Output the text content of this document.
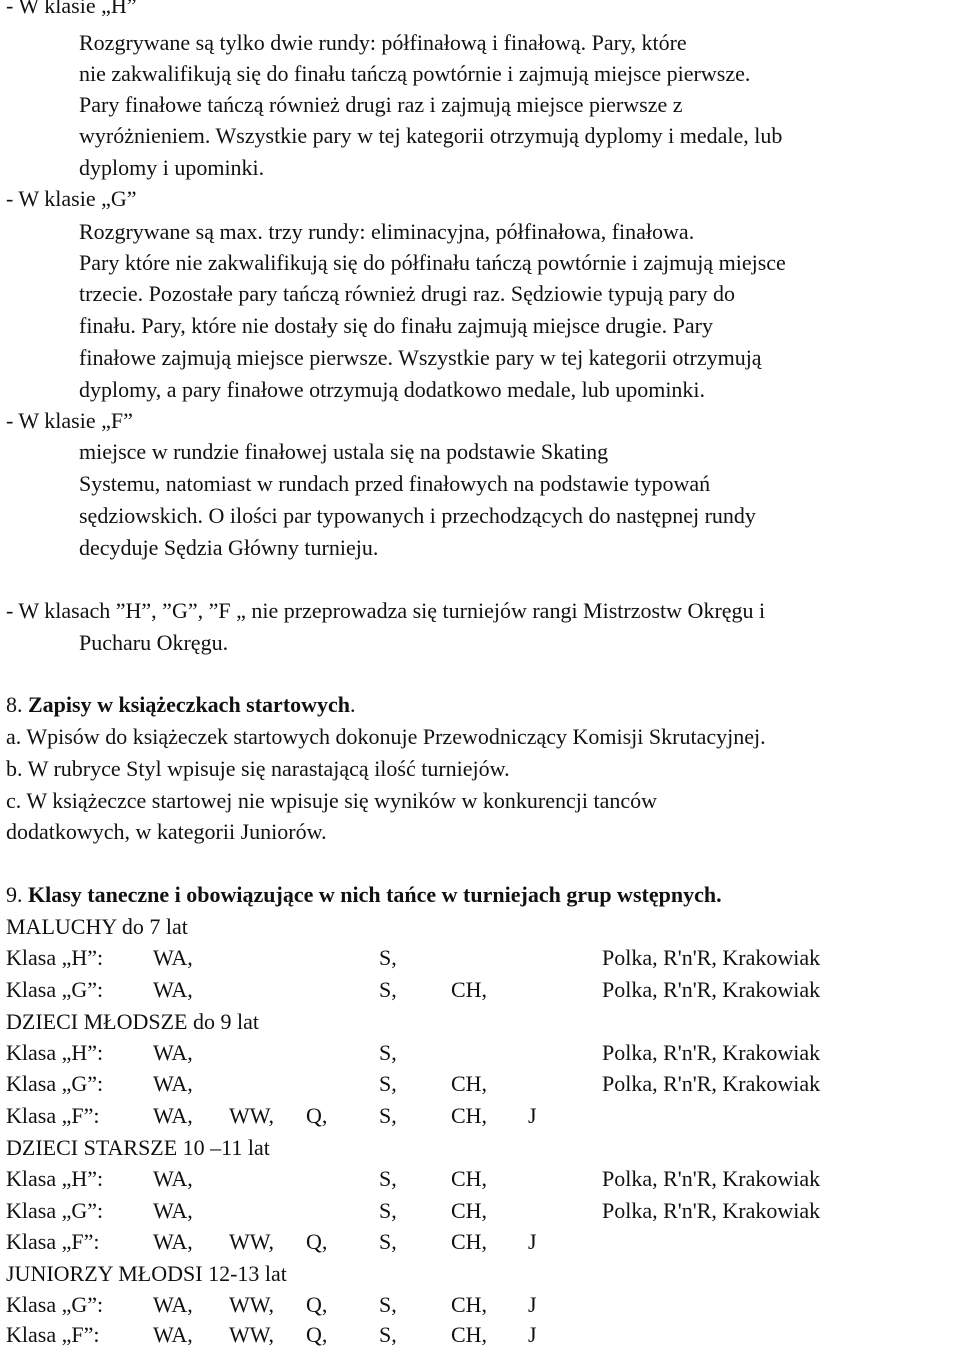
- W klasie „H”
Rozgrywane są tylko dwie rundy: półfinałową i finałową. Pary, które
nie zakwalifikują się do finału tańczą powtórnie i zajmują miejsce pierwsze.
Pary finałowe tańczą również drugi raz i zajmują miejsce pierwsze z
wyróżnieniem. Wszystkie pary w tej kategorii otrzymują dyplomy i medale, lub
dyplomy i upominki.
- W klasie „G”
Rozgrywane są max. trzy rundy: eliminacyjna, półfinałowa, finałowa.
Pary które nie zakwalifikują się do półfinału tańczą powtórnie i zajmują miejsce
trzecie. Pozostałe pary tańczą również drugi raz. Sędziowie typują pary do
finału. Pary, które nie dostały się do finału zajmują miejsce drugie. Pary
finałowe zajmują miejsce pierwsze. Wszystkie pary w tej kategorii otrzymują
dyplomy, a pary finałowe otrzymują dodatkowo medale, lub upominki.
- W klasie „F”
miejsce w rundzie finałowej ustala się na podstawie Skating
Systemu, natomiast w rundach przed finałowych na podstawie typowań
sędziowskich. O ilości par typowanych i przechodzących do następnej rundy
decyduje Sędzia Główny turnieju.
- W klasach ”H”, ”G”, ”F „ nie przeprowadza się turniejów rangi Mistrzostw Okręgu i
Pucharu Okręgu.
8. Zapisy w książeczkach startowych.
a. Wpisów do książeczek startowych dokonuje Przewodniczący Komisji Skrutacyjnej.
b. W rubryce Styl wpisuje się narastającą ilość turniejów.
c. W książeczce startowej nie wpisuje się wyników w konkurencji tanców
dodatkowych, w kategorii Juniorów.
9. Klasy taneczne i obowiązujące w nich tańce w turniejach grup wstępnych.
MALUCHY do 7 lat
Klasa „H”: WA,	S,	Polka, R'n'R, Krakowiak
Klasa „G”: WA,	S, CH,	Polka, R'n'R, Krakowiak
DZIECI MŁODSZE do 9 lat
Klasa „H”: WA,	S,	Polka, R'n'R, Krakowiak
Klasa „G”: WA,	S, CH,	Polka, R'n'R, Krakowiak
Klasa „F”: WA, WW, Q, S, CH, J
DZIECI STARSZE 10 –11 lat
Klasa „H”: WA,	S, CH,	Polka, R'n'R, Krakowiak
Klasa „G”: WA,	S, CH,	Polka, R'n'R, Krakowiak
Klasa „F”: WA, WW, Q, S, CH, J
JUNIORZY MŁODSI 12-13 lat
Klasa „G”: WA, WW, Q, S, CH, J
Klasa „F”: WA, WW, Q, S, CH, J
